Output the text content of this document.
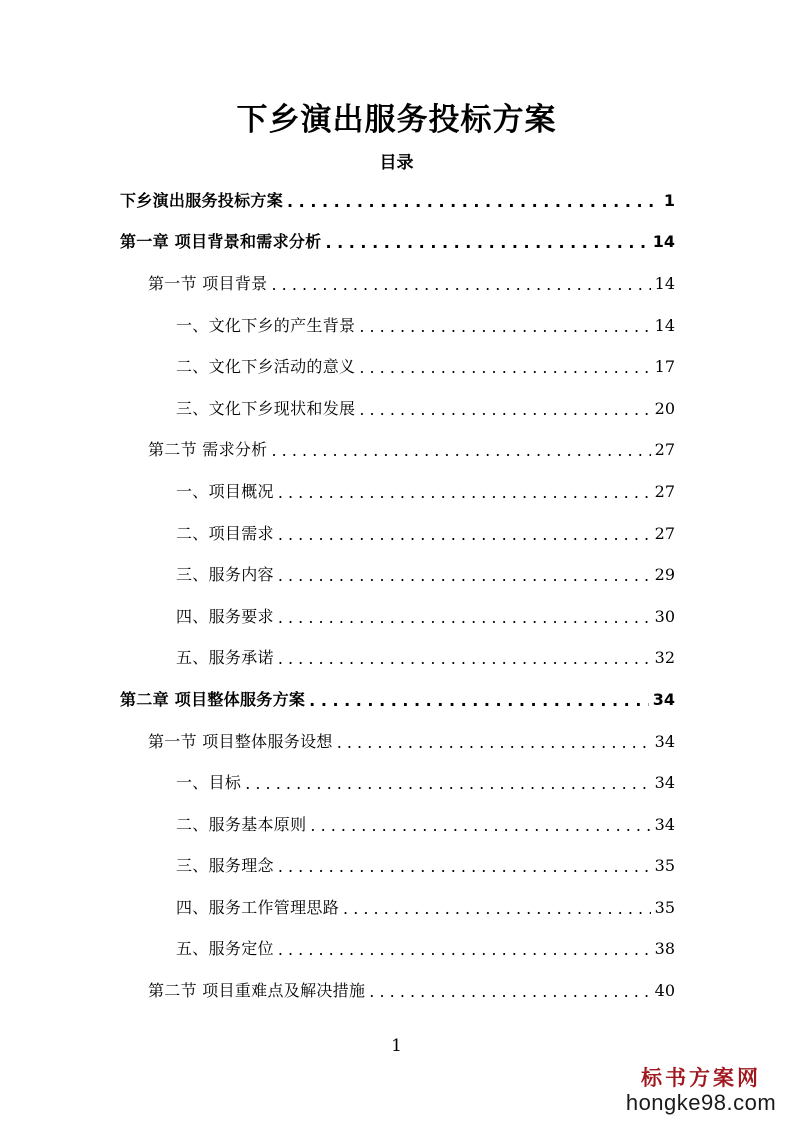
下乡演出服务投标方案
目录
下乡演出服务投标方案 . . .	1
第一章 项目背景和需求分析 . . .	14
第一节 项目背景 . . .	14
一、文化下乡的产生背景 . . .	14
二、文化下乡活动的意义 . . .	17
三、文化下乡现状和发展 . . .	20
第二节 需求分析 . . .	27
一、项目概况 . . .	27
二、项目需求 . . .	27
三、服务内容 . . .	29
四、服务要求 . . .	30
五、服务承诺 . . .	32
第二章 项目整体服务方案 . . .	34
第一节 项目整体服务设想 . . .	34
一、目标 . . .	34
二、服务基本原则 . . .	34
三、服务理念 . . .	35
四、服务工作管理思路 . . .	35
五、服务定位 . . .	38
第二节 项目重难点及解决措施 . . .	40
1
标书方案网
hongke98.com
